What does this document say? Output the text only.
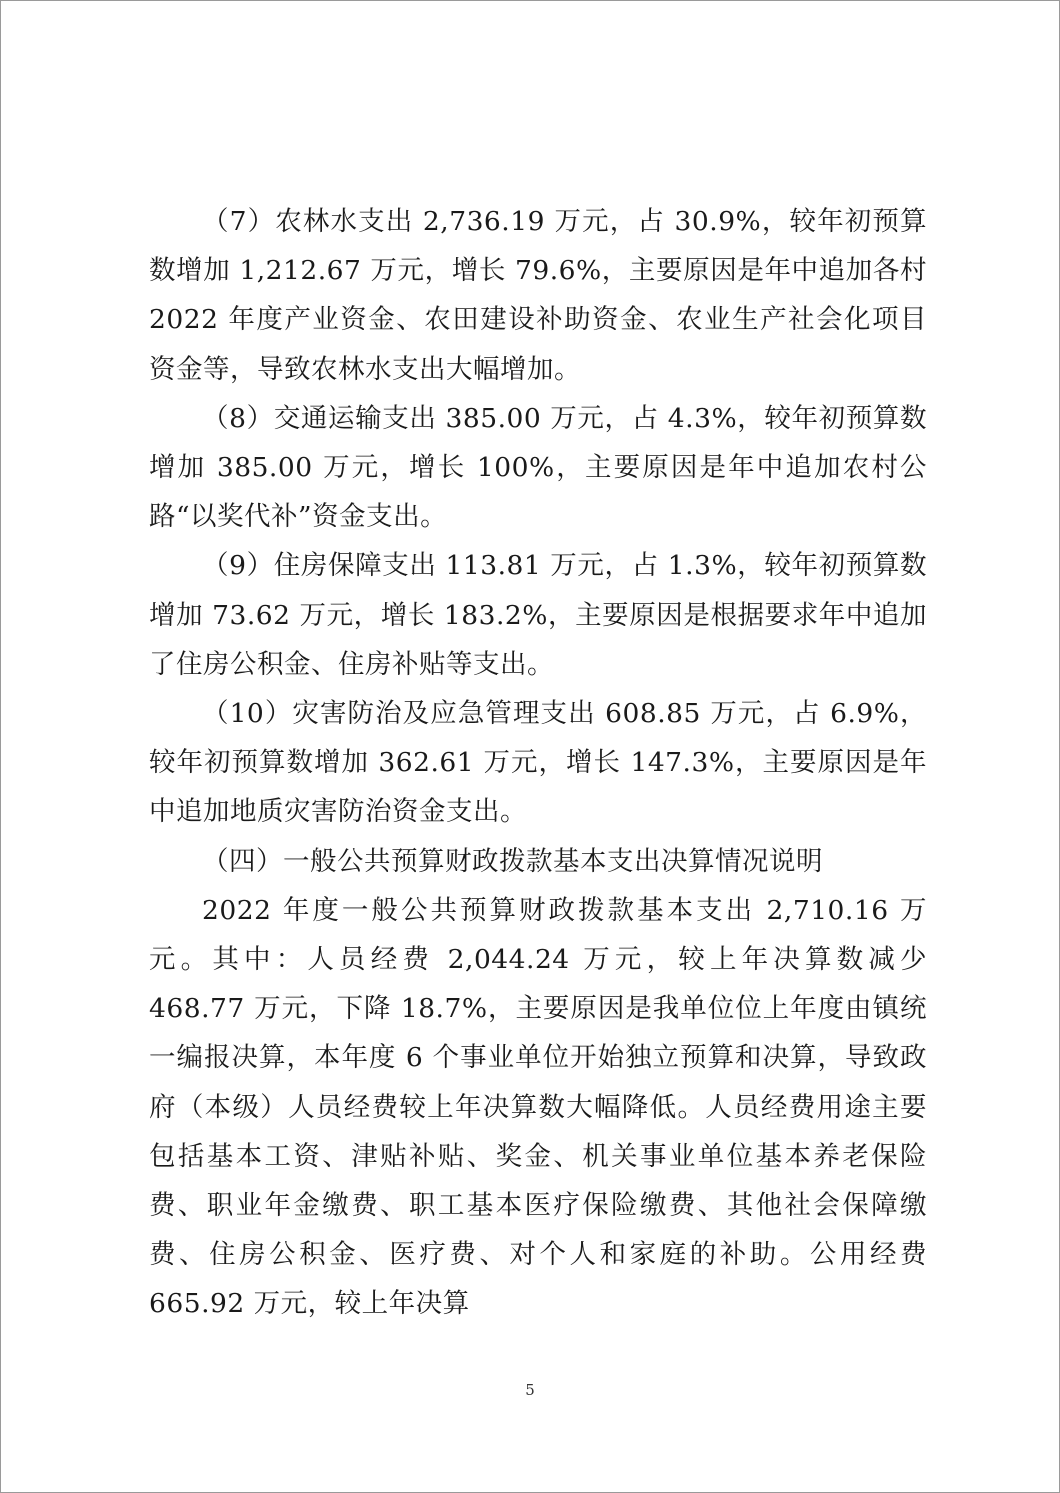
（7）农林水支出 2,736.19 万元，占 30.9%，较年初预算数增加 1,212.67 万元，增长 79.6%，主要原因是年中追加各村 2022 年度产业资金、农田建设补助资金、农业生产社会化项目资金等，导致农林水支出大幅增加。

（8）交通运输支出 385.00 万元，占 4.3%，较年初预算数增加 385.00 万元，增长 100%，主要原因是年中追加农村公路“以奖代补”资金支出。

（9）住房保障支出 113.81 万元，占 1.3%，较年初预算数增加 73.62 万元，增长 183.2%，主要原因是根据要求年中追加了住房公积金、住房补贴等支出。

（10）灾害防治及应急管理支出 608.85 万元，占 6.9%，较年初预算数增加 362.61 万元，增长 147.3%，主要原因是年中追加地质灾害防治资金支出。

（四）一般公共预算财政拨款基本支出决算情况说明

2022 年度一般公共预算财政拨款基本支出 2,710.16 万元。其中：人员经费 2,044.24 万元，较上年决算数减少 468.77 万元，下降 18.7%，主要原因是我单位位上年度由镇统一编报决算，本年度 6 个事业单位开始独立预算和决算，导致政府（本级）人员经费较上年决算数大幅降低。人员经费用途主要包括基本工资、津贴补贴、奖金、机关事业单位基本养老保险费、职业年金缴费、职工基本医疗保险缴费、其他社会保障缴费、住房公积金、医疗费、对个人和家庭的补助。公用经费 665.92 万元，较上年决算

5
